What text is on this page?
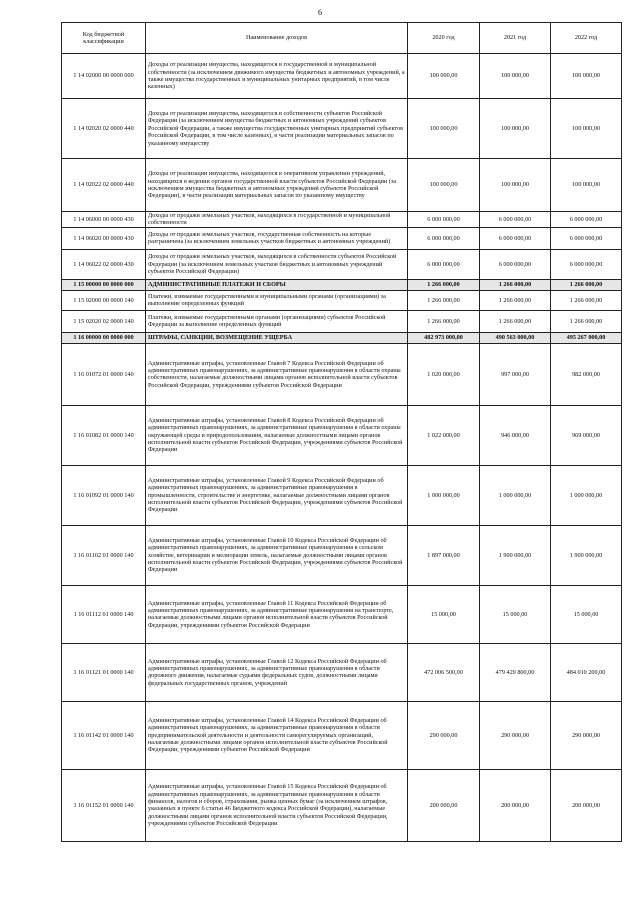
6
Код бюджетной классификации	Наименование доходов	2020 год	2021 год	2022 год
1 14 02000 00 0000 000	Доходы от реализации имущества, находящегося в государственной и муниципальной собственности (за исключением движимого имущества бюджетных и автономных учреждений, а также имущества государственных и муниципальных унитарных предприятий, в том числе казенных)	100 000,00	100 000,00	100 000,00
1 14 02020 02 0000 440	Доходы от реализации имущества, находящегося в собственности субъектов Российской Федерации (за исключением имущества бюджетных и автономных учреждений субъектов Российской Федерации, а также имущества государственных унитарных предприятий субъектов Российской Федерации, в том числе казенных), в части реализации материальных запасов по указанному имуществу	100 000,00	100 000,00	100 000,00
1 14 02022 02 0000 440	Доходы от реализации имущества, находящегося в оперативном управлении учреждений, находящихся в ведении органов государственной власти субъектов Российской Федерации (за исключением имущества бюджетных и автономных учреждений субъектов Российской Федерации), в части реализации материальных запасов по указанному имуществу	100 000,00	100 000,00	100 000,00
1 14 06000 00 0000 430	Доходы от продажи земельных участков, находящихся в государственной и муниципальной собственности	6 000 000,00	6 000 000,00	6 000 000,00
1 14 06020 00 0000 430	Доходы от продажи земельных участков, государственная собственность на которые разграничена (за исключением земельных участков бюджетных и автономных учреждений)	6 000 000,00	6 000 000,00	6 000 000,00
1 14 06022 02 0000 430	Доходы от продажи земельных участков, находящихся в собственности субъектов Российской Федерации (за исключением земельных участков бюджетных и автономных учреждений субъектов Российской Федерации)	6 000 000,00	6 000 000,00	6 000 000,00
1 15 00000 00 0000 000	АДМИНИСТРАТИВНЫЕ ПЛАТЕЖИ И СБОРЫ	1 266 000,00	1 266 000,00	1 266 000,00
1 15 02000 00 0000 140	Платежи, взимаемые государственными и муниципальными органами (организациями) за выполнение определенных функций	1 266 000,00	1 266 000,00	1 266 000,00
1 15 02020 02 0000 140	Платежи, взимаемые государственными органами (организациями) субъектов Российской Федерации за выполнение определенных функций	1 266 000,00	1 266 000,00	1 266 000,00
1 16 00000 00 0000 000	ШТРАФЫ, САНКЦИИ, ВОЗМЕЩЕНИЕ УЩЕРБА	482 973 000,00	490 563 000,00	495 267 000,00
1 16 01072 01 0000 140	Административные штрафы, установленные Главой 7 Кодекса Российской Федерации об административных правонарушениях, за административные правонарушения в области охраны собственности, налагаемые должностными лицами органов исполнительной власти субъектов Российской Федерации, учреждениями субъектов Российской Федерации	1 020 000,00	997 000,00	982 000,00
1 16 01082 01 0000 140	Административные штрафы, установленные Главой 8 Кодекса Российской Федерации об административных правонарушениях, за административные правонарушения в области охраны окружающей среды и природопользования, налагаемые должностными лицами органов исполнительной власти субъектов Российской Федерации, учреждениями субъектов Российской Федерации	1 022 000,00	946 000,00	969 000,00
1 16 01092 01 0000 140	Административные штрафы, установленные Главой 9 Кодекса Российской Федерации об административных правонарушениях, за административные правонарушения в промышленности, строительстве и энергетике, налагаемые должностными лицами органов исполнительной власти субъектов Российской Федерации, учреждениями субъектов Российской Федерации	1 000 000,00	1 000 000,00	1 000 000,00
1 16 01102 01 0000 140	Административные штрафы, установленные Главой 10 Кодекса Российской Федерации об административных правонарушениях, за административные правонарушения в сельском хозяйстве, ветеринарии и мелиорации земель, налагаемые должностными лицами органов исполнительной власти субъектов Российской Федерации, учреждениями субъектов Российской Федерации	1 897 000,00	1 900 000,00	1 900 000,00
1 16 01112 01 0000 140	Административные штрафы, установленные Главой 11 Кодекса Российской Федерации об административных правонарушениях, за административные правонарушения на транспорте, налагаемые должностными лицами органов исполнительной власти субъектов Российской Федерации, учреждениями субъектов Российской Федерации	15 000,00	15 000,00	15 000,00
1 16 01121 01 0000 140	Административные штрафы, установленные Главой 12 Кодекса Российской Федерации об административных правонарушениях, за административные правонарушения в области дорожного движения, налагаемые судьями федеральных судов, должностными лицами федеральных государственных органов, учреждений	472 006 500,00	479 429 800,00	484 010 200,00
1 16 01142 01 0000 140	Административные штрафы, установленные Главой 14 Кодекса Российской Федерации об административных правонарушениях, за административные правонарушения в области предпринимательской деятельности и деятельности саморегулируемых организаций, налагаемые должностными лицами органов исполнительной власти субъектов Российской Федерации, учреждениями субъектов Российской Федерации	290 000,00	290 000,00	290 000,00
1 16 01152 01 0000 140	Административные штрафы, установленные Главой 15 Кодекса Российской Федерации об административных правонарушениях, за административные правонарушения в области финансов, налогов и сборов, страхования, рынка ценных бумаг (за исключением штрафов, указанных в пункте 6 статьи 46 Бюджетного кодекса Российской Федерации), налагаемые должностными лицами органов исполнительной власти субъектов Российской Федерации, учреждениями субъектов Российской Федерации	200 000,00	200 000,00	200 000,00
